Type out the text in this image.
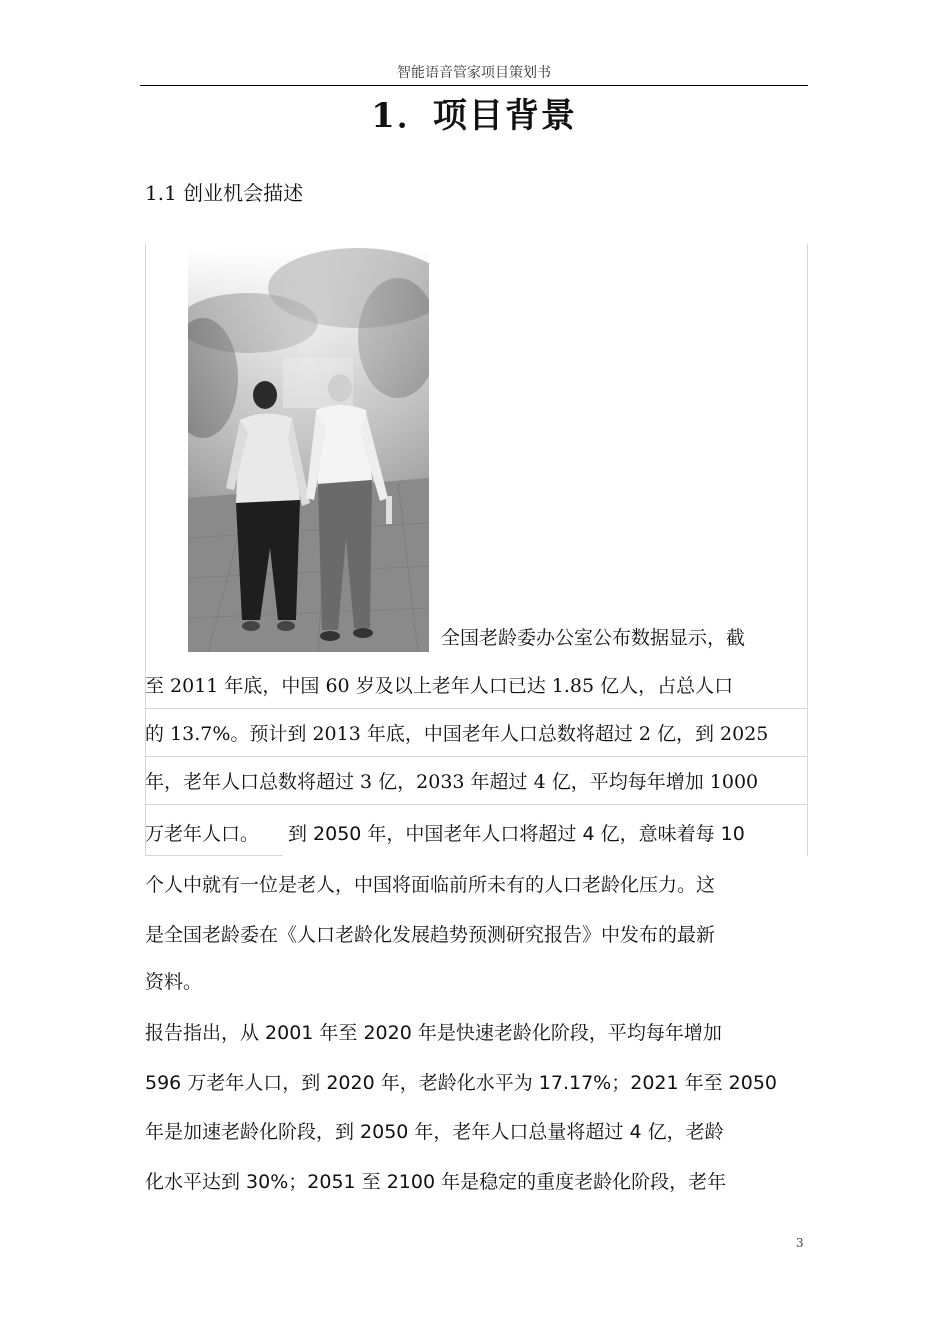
智能语音管家项目策划书
1．项目背景
1.1 创业机会描述
全国老龄委办公室公布数据显示，截
至 2011 年底，中国 60 岁及以上老年人口已达 1.85 亿人，占总人口
的 13.7%。预计到 2013 年底，中国老年人口总数将超过 2 亿，到 2025
年，老年人口总数将超过 3 亿，2033 年超过 4 亿，平均每年增加 1000
万老年人口。	到 2050 年，中国老年人口将超过 4 亿，意味着每 10
个人中就有一位是老人，中国将面临前所未有的人口老龄化压力。这
是全国老龄委在《人口老龄化发展趋势预测研究报告》中发布的最新
资料。
报告指出，从 2001 年至 2020 年是快速老龄化阶段，平均每年增加
596 万老年人口，到 2020 年，老龄化水平为 17.17%；2021 年至 2050
年是加速老龄化阶段，到 2050 年，老年人口总量将超过 4 亿，老龄
化水平达到 30%；2051 至 2100 年是稳定的重度老龄化阶段，老年
3
